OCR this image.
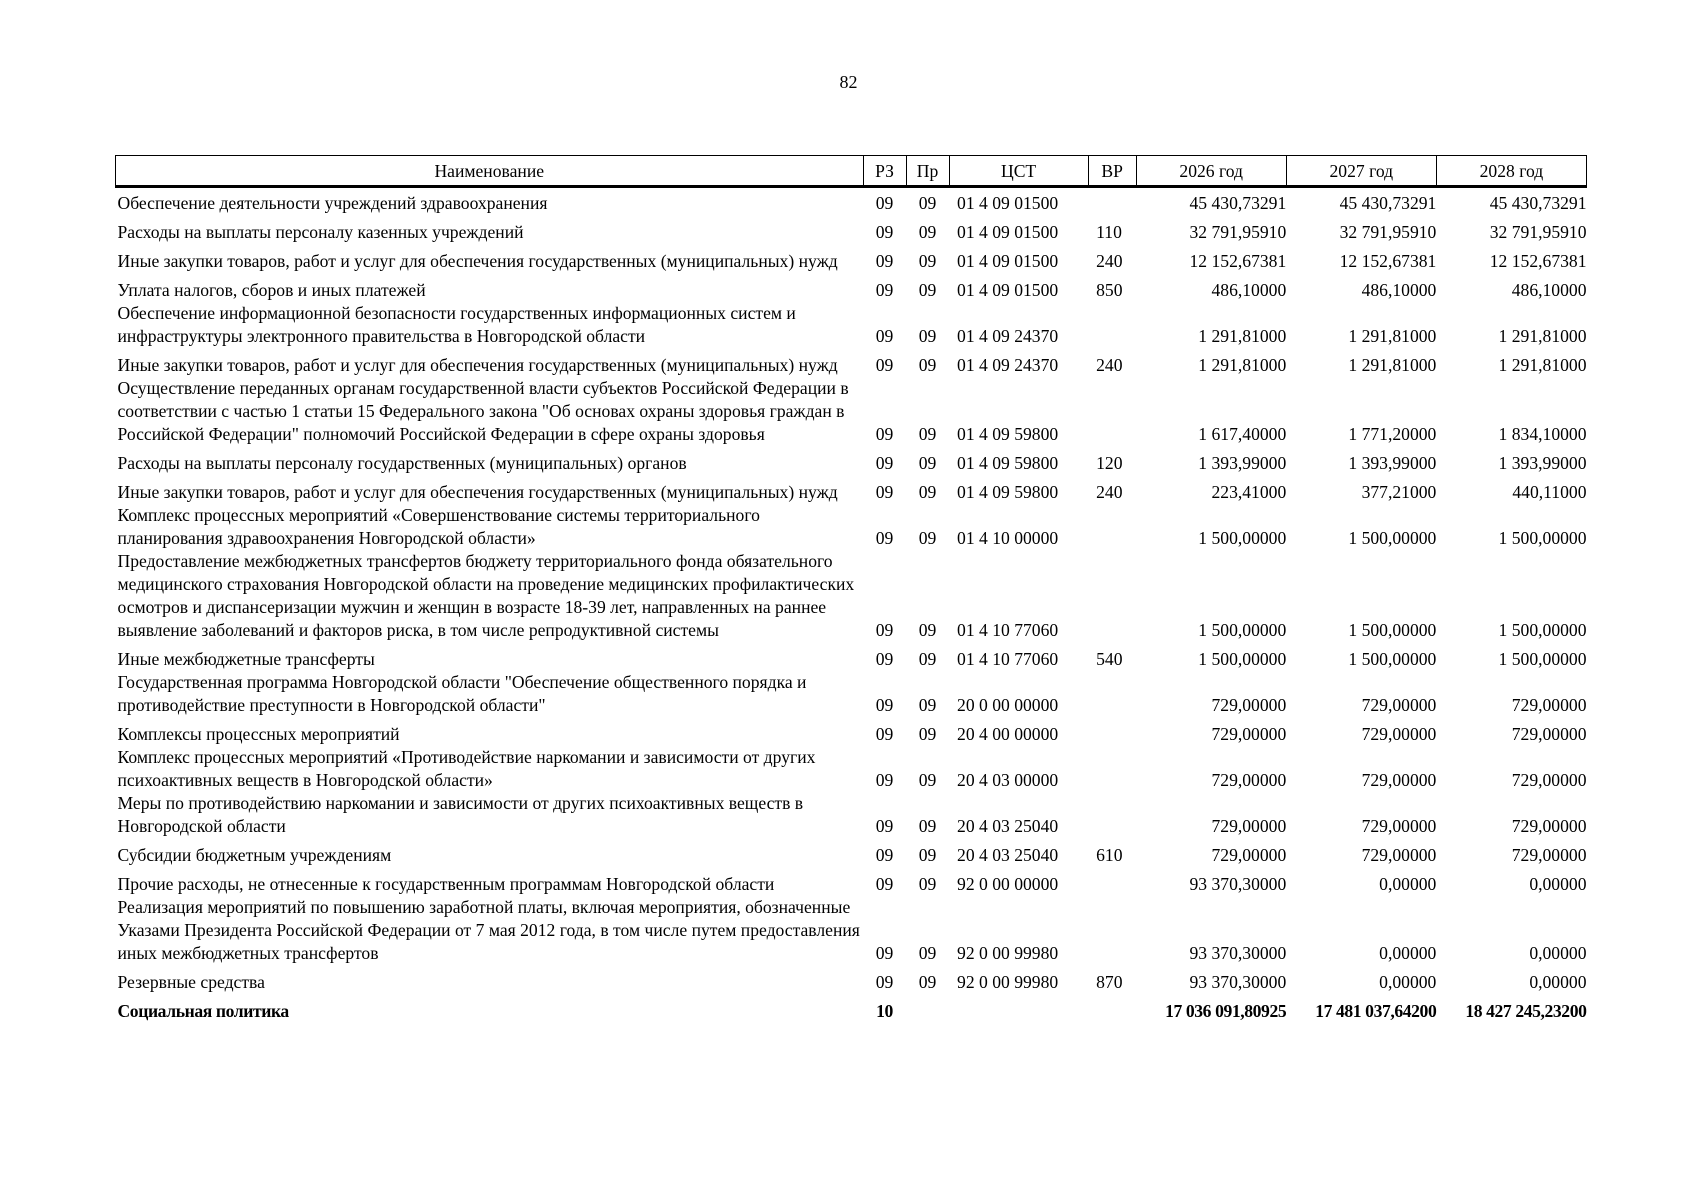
82
Наименование	РЗ	Пр	ЦСТ	ВР	2026 год	2027 год	2028 год
Обеспечение деятельности учреждений здравоохранения	09	09	01 4 09 01500		45 430,73291	45 430,73291	45 430,73291
Расходы на выплаты персоналу казенных учреждений	09	09	01 4 09 01500	110	32 791,95910	32 791,95910	32 791,95910
Иные закупки товаров, работ и услуг для обеспечения государственных (муниципальных) нужд	09	09	01 4 09 01500	240	12 152,67381	12 152,67381	12 152,67381
Уплата налогов, сборов и иных платежей	09	09	01 4 09 01500	850	486,10000	486,10000	486,10000
Обеспечение информационной безопасности государственных информационных систем и инфраструктуры электронного правительства в Новгородской области	09	09	01 4 09 24370		1 291,81000	1 291,81000	1 291,81000
Иные закупки товаров, работ и услуг для обеспечения государственных (муниципальных) нужд	09	09	01 4 09 24370	240	1 291,81000	1 291,81000	1 291,81000
Осуществление переданных органам государственной власти субъектов Российской Федерации в соответствии с частью 1 статьи 15 Федерального закона "Об основах охраны здоровья граждан в Российской Федерации" полномочий Российской Федерации в сфере охраны здоровья	09	09	01 4 09 59800		1 617,40000	1 771,20000	1 834,10000
Расходы на выплаты персоналу государственных (муниципальных) органов	09	09	01 4 09 59800	120	1 393,99000	1 393,99000	1 393,99000
Иные закупки товаров, работ и услуг для обеспечения государственных (муниципальных) нужд	09	09	01 4 09 59800	240	223,41000	377,21000	440,11000
Комплекс процессных мероприятий «Совершенствование системы территориального планирования здравоохранения Новгородской области»	09	09	01 4 10 00000		1 500,00000	1 500,00000	1 500,00000
Предоставление межбюджетных трансфертов бюджету территориального фонда обязательного медицинского страхования Новгородской области на проведение медицинских профилактических осмотров и диспансеризации мужчин и женщин в возрасте 18-39 лет, направленных на раннее выявление заболеваний и факторов риска, в том числе репродуктивной системы	09	09	01 4 10 77060		1 500,00000	1 500,00000	1 500,00000
Иные межбюджетные трансферты	09	09	01 4 10 77060	540	1 500,00000	1 500,00000	1 500,00000
Государственная программа Новгородской области "Обеспечение общественного порядка и противодействие преступности в Новгородской области"	09	09	20 0 00 00000		729,00000	729,00000	729,00000
Комплексы процессных мероприятий	09	09	20 4 00 00000		729,00000	729,00000	729,00000
Комплекс процессных мероприятий «Противодействие наркомании и зависимости от других психоактивных веществ в Новгородской области»	09	09	20 4 03 00000		729,00000	729,00000	729,00000
Меры по противодействию наркомании и зависимости от других психоактивных веществ в Новгородской области	09	09	20 4 03 25040		729,00000	729,00000	729,00000
Субсидии бюджетным учреждениям	09	09	20 4 03 25040	610	729,00000	729,00000	729,00000
Прочие расходы, не отнесенные к государственным программам Новгородской области	09	09	92 0 00 00000		93 370,30000	0,00000	0,00000
Реализация мероприятий по повышению заработной платы, включая мероприятия, обозначенные Указами Президента Российской Федерации от 7 мая 2012 года, в том числе путем предоставления иных межбюджетных трансфертов	09	09	92 0 00 99980		93 370,30000	0,00000	0,00000
Резервные средства	09	09	92 0 00 99980	870	93 370,30000	0,00000	0,00000
Социальная политика	10				17 036 091,80925	17 481 037,64200	18 427 245,23200
